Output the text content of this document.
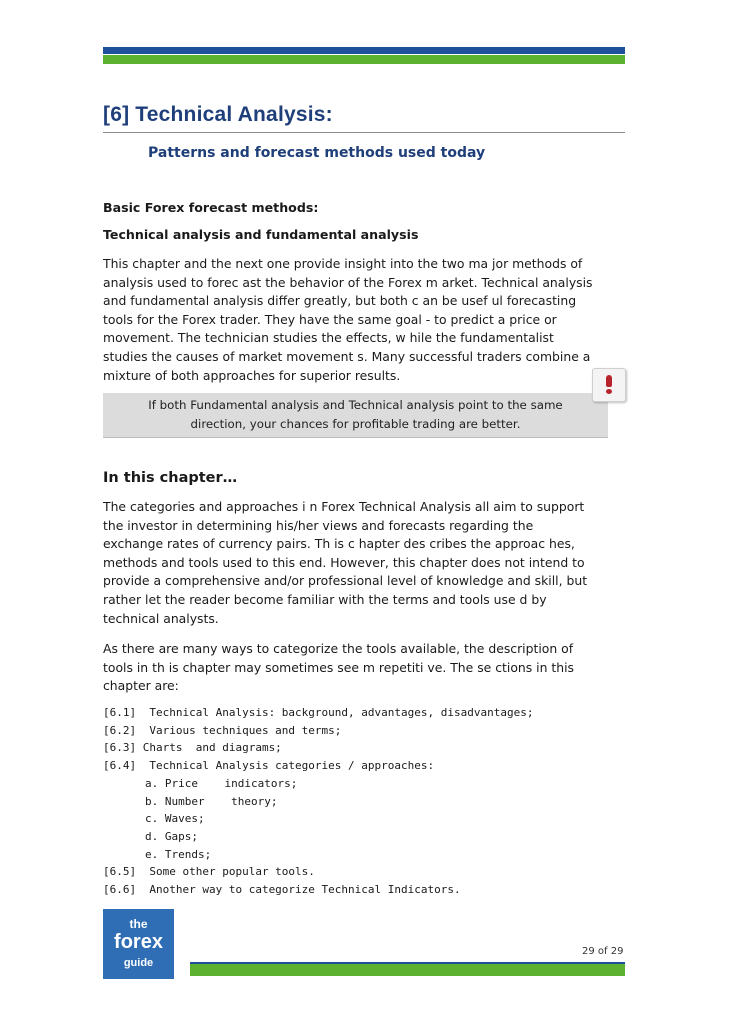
[6] Technical Analysis:
Patterns and forecast methods used today
Basic Forex forecast methods:
Technical analysis and fundamental analysis
This chapter and the next one provide insight into the two ma jor methods of
analysis used to forec ast the behavior of the Forex m arket. Technical analysis
and fundamental analysis differ greatly, but both c an be usef ul forecasting
tools for the Forex trader. They have the same goal - to predict a price or
movement. The technician studies the effects, w hile the fundamentalist
studies the causes of market movement s. Many successful traders combine a
mixture of both approaches for superior results.
If both Fundamental analysis and Technical analysis point to the same
direction, your chances for profitable trading are better.
In this chapter…
The categories and approaches i n Forex Technical Analysis all aim to support
the investor in determining his/her views and forecasts regarding the
exchange rates of currency pairs. Th is c hapter des cribes the approac hes,
methods and tools used to this end. However, this chapter does not intend to
provide a comprehensive and/or professional level of knowledge and skill, but
rather let the reader become familiar with the terms and tools use d by
technical analysts.
As there are many ways to categorize the tools available, the description of
tools in th is chapter may sometimes see m repetiti ve. The se ctions in this
chapter are:
[6.1]  Technical Analysis: background, advantages, disadvantages;
[6.2]  Various techniques and terms;
[6.3] Charts  and diagrams;
[6.4]  Technical Analysis categories / approaches:
a. Price    indicators;
b. Number    theory;
c. Waves;
d. Gaps;
e. Trends;
[6.5]  Some other popular tools.
[6.6]  Another way to categorize Technical Indicators.
the
forex
guide
29 of 29
